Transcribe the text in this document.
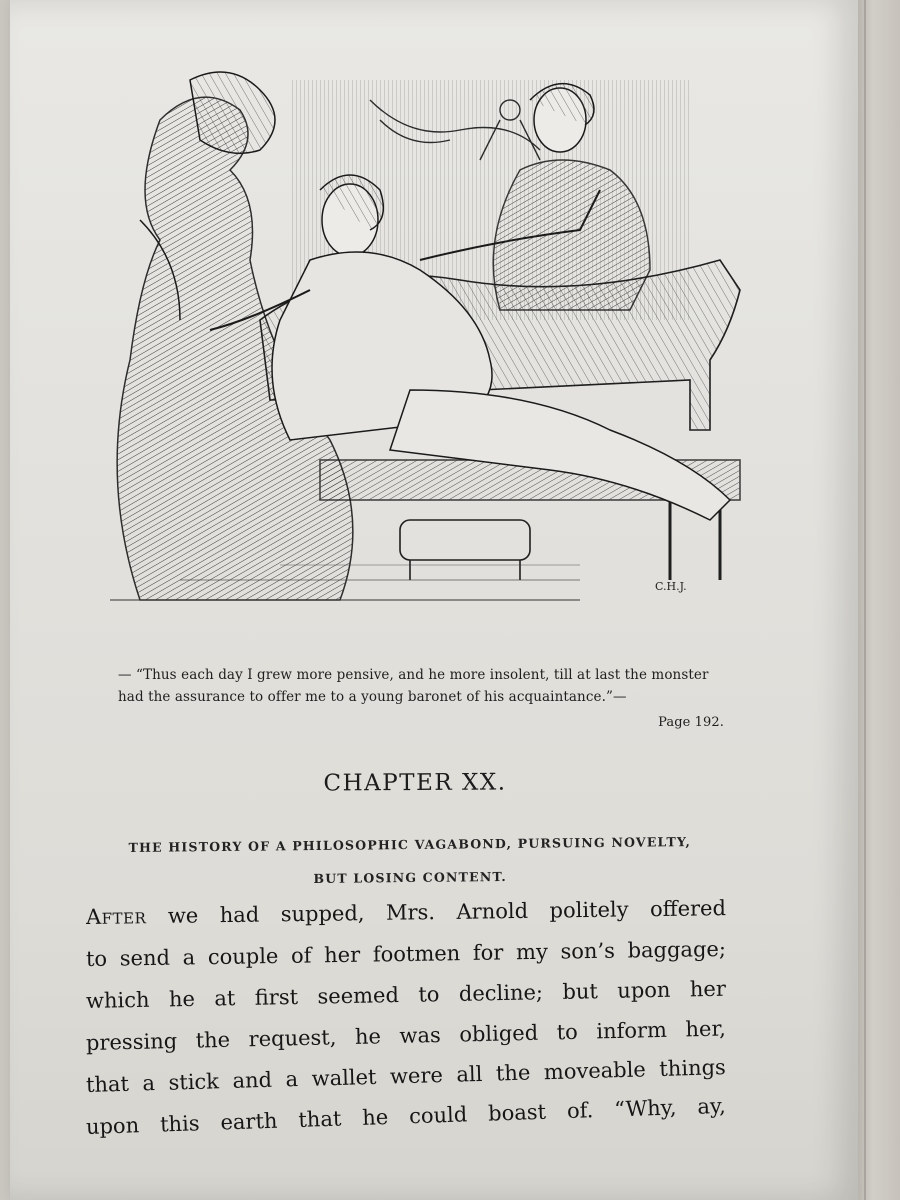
C.H.J.
— “Thus each day I grew more pensive, and he more insolent, till at last the monster
had the assurance to offer me to a young baronet of his acquaintance.”—
Page 192.
CHAPTER XX.
THE HISTORY OF A PHILOSOPHIC VAGABOND, PURSUING NOVELTY,
BUT LOSING CONTENT.
After we had supped, Mrs. Arnold politely offered
to send a couple of her footmen for my son’s baggage;
which he at first seemed to decline; but upon her
pressing the request, he was obliged to inform her,
that a stick and a wallet were all the moveable things
upon this earth that he could boast of. “Why, ay,
